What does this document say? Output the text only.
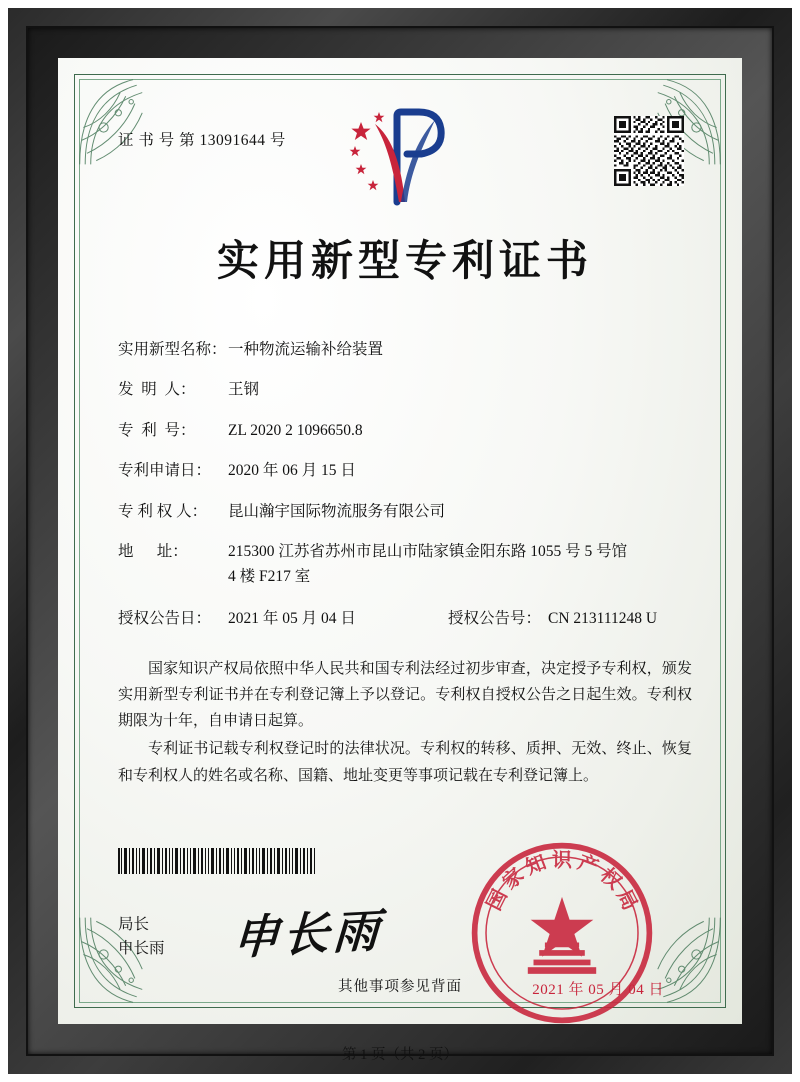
证 书 号 第 13091644 号
实用新型专利证书
实用新型名称： 一种物流运输补给装置
发  明  人：	王钢
专  利  号：	ZL 2020 2 1096650.8
专利申请日：	2020 年 06 月 15 日
专 利 权 人：	昆山瀚宇国际物流服务有限公司
地      址：	215300 江苏省苏州市昆山市陆家镇金阳东路 1055 号 5 号馆
4 楼 F217 室
授权公告日：	2021 年 05 月 04 日	授权公告号： CN 213111248 U

国家知识产权局依照中华人民共和国专利法经过初步审查，决定授予专利权，颁发实用新型专利证书并在专利登记簿上予以登记。专利权自授权公告之日起生效。专利权期限为十年，自申请日起算。

专利证书记载专利权登记时的法律状况。专利权的转移、质押、无效、终止、恢复和专利权人的姓名或名称、国籍、地址变更等事项记载在专利登记簿上。

局长
申长雨 申长雨
国
家
知 识 产
权
局
2021 年 05 月 04 日
第 1 页（共 2 页）
其他事项参见背面
